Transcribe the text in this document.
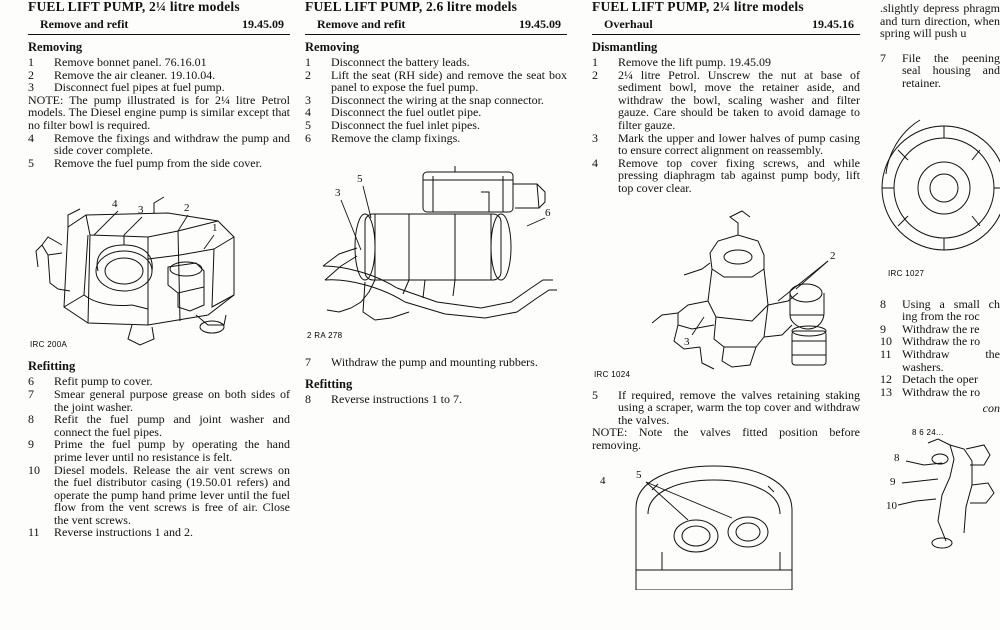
FUEL LIFT PUMP, 2¼ litre models
Remove and refit	19.45.09
Removing
1	Remove bonnet panel. 76.16.01
2	Remove the air cleaner. 19.10.04.
3	Disconnect fuel pipes at fuel pump.

NOTE: The pump illustrated is for 2¼ litre Petrol models. The Diesel engine pump is similar except that no filter bowl is required.

4	Remove the fixings and withdraw the pump and side cover complete.
5	Remove the fuel pump from the side cover.
4 3	2
1
IRC 200A
Refitting
6	Refit pump to cover.
7	Smear general purpose grease on both sides of the joint washer.
8	Refit the fuel pump and joint washer and connect the fuel pipes.
9	Prime the fuel pump by operating the hand prime lever until no resistance is felt.
10	Diesel models. Release the air vent screws on the fuel distributor casing (19.50.01 refers) and operate the pump hand prime lever until the fuel flow from the vent screws is free of air. Close the vent screws.
11	Reverse instructions 1 and 2.
FUEL LIFT PUMP, 2.6 litre models
Remove and refit	19.45.09
Removing
1	Disconnect the battery leads.
2	Lift the seat (RH side) and remove the seat box panel to expose the fuel pump.
3	Disconnect the wiring at the snap connector.
4	Disconnect the fuel outlet pipe.
5	Disconnect the fuel inlet pipes.
6	Remove the clamp fixings.
5
3
6
2 RA 278
7	Withdraw the pump and mounting rubbers.
Refitting
8	Reverse instructions 1 to 7.
FUEL LIFT PUMP, 2¼ litre models
Overhaul	19.45.16
Dismantling
1	Remove the lift pump. 19.45.09
2	2¼ litre Petrol. Unscrew the nut at base of sediment bowl, move the retainer aside, and withdraw the bowl, scaling washer and filter gauze. Care should be taken to avoid damage to filter gauze.
3	Mark the upper and lower halves of pump casing to ensure correct alignment on reassembly.
4	Remove top cover fixing screws, and while pressing diaphragm tab against pump body, lift top cover clear.
2
3
IRC 1024
5	If required, remove the valves retaining staking using a scraper, warm the top cover and withdraw the valves.

NOTE: Note the valves fitted position before removing.

5
4

.slightly depress phragm and turn direction, when spring will push u

7	File the peening seal housing and retainer.
IRC 1027
8	Using a small ch ing from the roc
9	Withdraw the re
10 Withdraw the ro
11 Withdraw the washers.
12 Detach the oper
13 Withdraw the ro
con
8 6 24...
8
9
10
